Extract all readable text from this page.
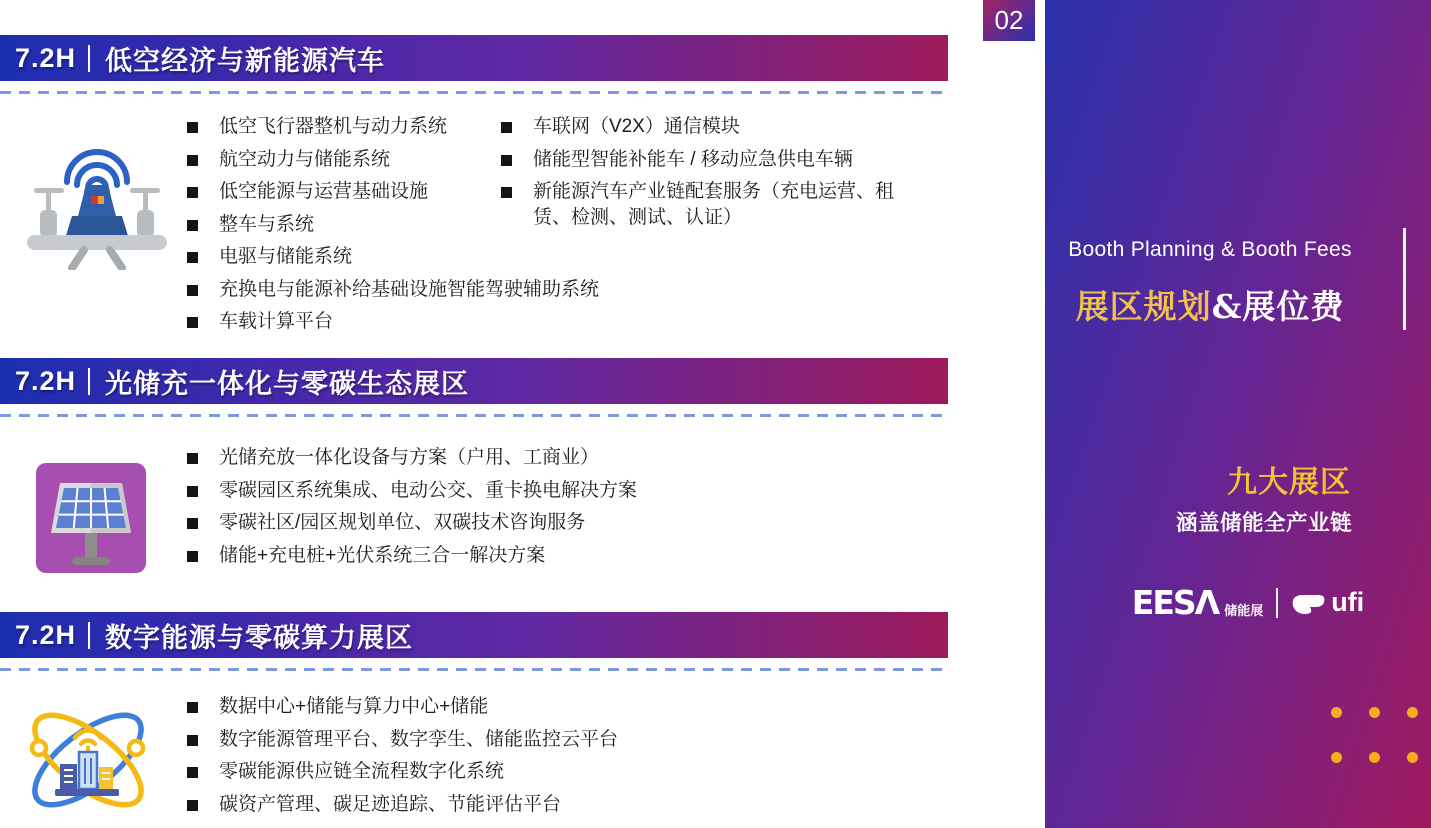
7.2H 低空经济与新能源汽车
低空飞行器整机与动力系统
航空动力与储能系统
低空能源与运营基础设施
整车与系统
电驱与储能系统
充换电与能源补给基础设施智能驾驶辅助系统
车载计算平台
车联网（V2X）通信模块
储能型智能补能车 / 移动应急供电车辆
新能源汽车产业链配套服务（充电运营、租赁、检测、测试、认证）
7.2H 光储充一体化与零碳生态展区
光储充放一体化设备与方案（户用、工商业）
零碳园区系统集成、电动公交、重卡换电解决方案
零碳社区/园区规划单位、双碳技术咨询服务
储能+充电桩+光伏系统三合一解决方案
7.2H 数字能源与零碳算力展区
数据中心+储能与算力中心+储能
数字能源管理平台、数字孪生、储能监控云平台
零碳能源供应链全流程数字化系统
碳资产管理、碳足迹追踪、节能评估平台
02
Booth Planning & Booth Fees
展区规划&展位费
九大展区
涵盖储能全产业链
EESΛ 储能展	ufi
